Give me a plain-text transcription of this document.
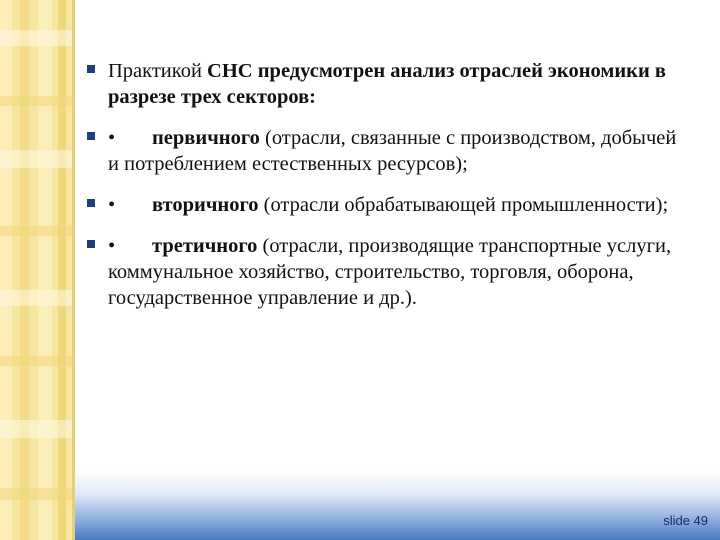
Практикой СНС предусмотрен анализ отраслей экономики в разрезе трех секторов:
• первичного (отрасли, связанные с производством, добычей и потреблением естественных ресурсов);
• вторичного (отрасли обрабатывающей промышленности);
• третичного (отрасли, производящие транспортные услуги, коммунальное хозяйство, строительство, торговля, оборона, государственное управление и др.).
slide 49
